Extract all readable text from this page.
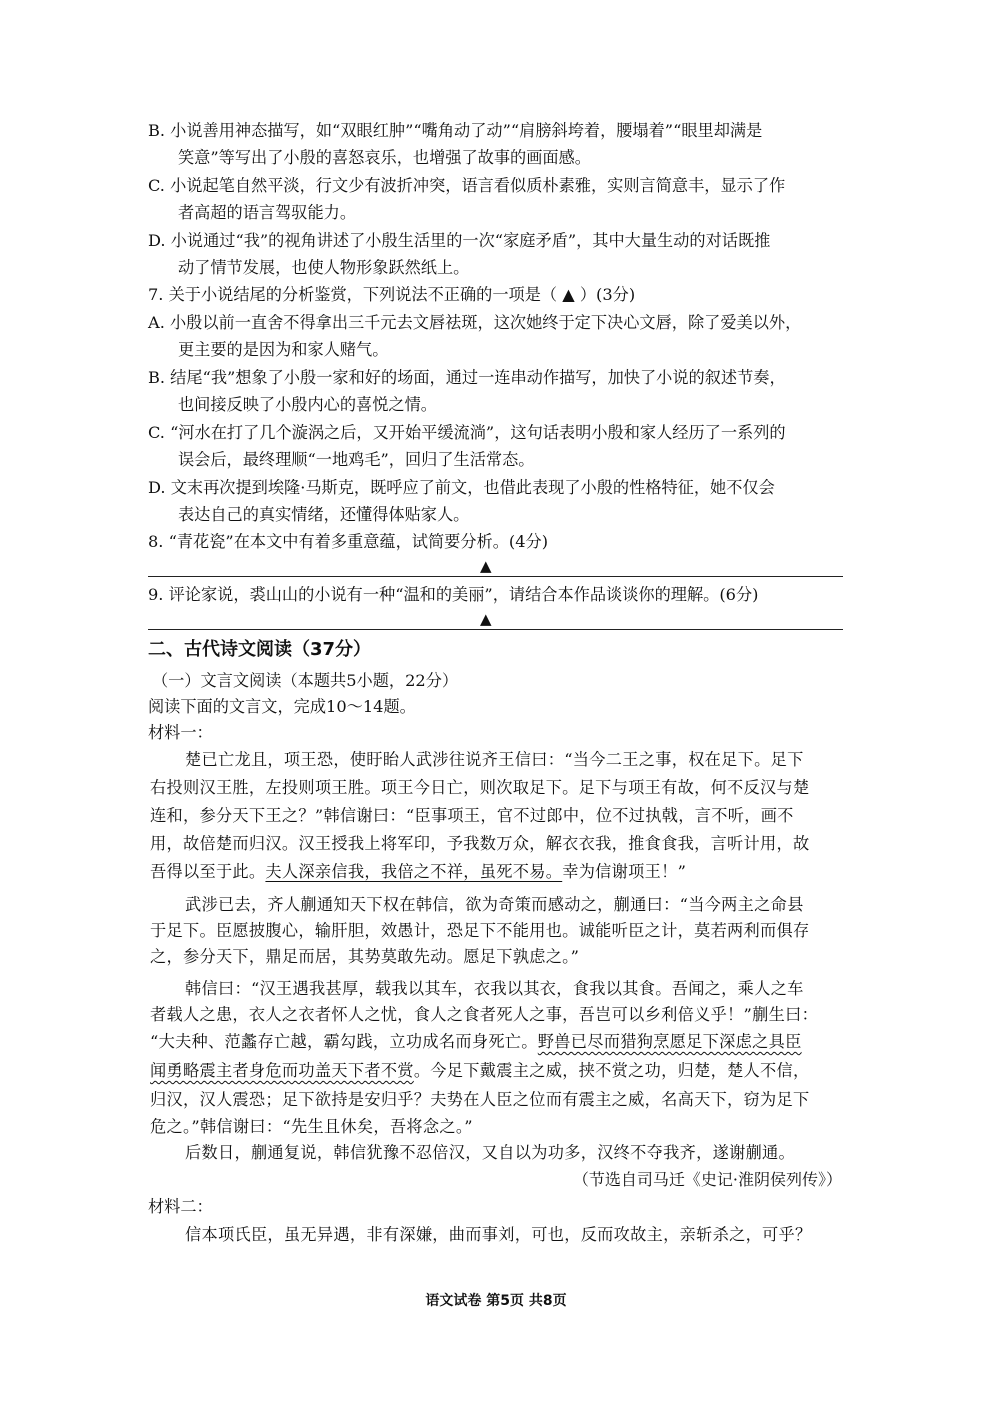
B. 小说善用神态描写，如“双眼红肿”“嘴角动了动”“肩膀斜垮着，腰塌着”“眼里却满是
笑意”等写出了小殷的喜怒哀乐，也增强了故事的画面感。
C. 小说起笔自然平淡，行文少有波折冲突，语言看似质朴素雅，实则言简意丰，显示了作
者高超的语言驾驭能力。
D. 小说通过“我”的视角讲述了小殷生活里的一次“家庭矛盾”，其中大量生动的对话既推
动了情节发展，也使人物形象跃然纸上。
7. 关于小说结尾的分析鉴赏，下列说法不正确的一项是（ ▲ ）(3分)
A. 小殷以前一直舍不得拿出三千元去文唇祛斑，这次她终于定下决心文唇，除了爱美以外，
更主要的是因为和家人赌气。
B. 结尾“我”想象了小殷一家和好的场面，通过一连串动作描写，加快了小说的叙述节奏，
也间接反映了小殷内心的喜悦之情。
C. “河水在打了几个漩涡之后，又开始平缓流淌”，这句话表明小殷和家人经历了一系列的
误会后，最终理顺“一地鸡毛”，回归了生活常态。
D. 文末再次提到埃隆·马斯克，既呼应了前文，也借此表现了小殷的性格特征，她不仅会
表达自己的真实情绪，还懂得体贴家人。
8. “青花瓷”在本文中有着多重意蕴，试简要分析。(4分)
▲
9. 评论家说，裘山山的小说有一种“温和的美丽”，请结合本作品谈谈你的理解。(6分)
▲
二、古代诗文阅读（37分）
（一）文言文阅读（本题共5小题，22分）
阅读下面的文言文，完成10～14题。
材料一：
楚已亡龙且，项王恐，使盱眙人武涉往说齐王信曰：“当今二王之事，权在足下。足下
右投则汉王胜，左投则项王胜。项王今日亡，则次取足下。足下与项王有故，何不反汉与楚
连和，参分天下王之？”韩信谢曰：“臣事项王，官不过郎中，位不过执戟，言不听，画不
用，故倍楚而归汉。汉王授我上将军印，予我数万众，解衣衣我，推食食我，言听计用，故
吾得以至于此。夫人深亲信我，我倍之不祥，虽死不易。幸为信谢项王！”
武涉已去，齐人蒯通知天下权在韩信，欲为奇策而感动之，蒯通曰：“当今两主之命县
于足下。臣愿披腹心，输肝胆，效愚计，恐足下不能用也。诚能听臣之计，莫若两利而俱存
之，参分天下，鼎足而居，其势莫敢先动。愿足下孰虑之。”
韩信曰：“汉王遇我甚厚，载我以其车，衣我以其衣，食我以其食。吾闻之，乘人之车
者载人之患，衣人之衣者怀人之忧，食人之食者死人之事，吾岂可以乡利倍义乎！”蒯生曰：
“大夫种、范蠡存亡越，霸勾践，立功成名而身死亡。野兽已尽而猎狗烹愿足下深虑之具臣
闻勇略震主者身危而功盖天下者不赏。今足下戴震主之威，挟不赏之功，归楚，楚人不信，
归汉，汉人震恐；足下欲持是安归乎？夫势在人臣之位而有震主之威，名高天下，窃为足下
危之。”韩信谢曰：“先生且休矣，吾将念之。”
后数日，蒯通复说，韩信犹豫不忍倍汉，又自以为功多，汉终不夺我齐，遂谢蒯通。
（节选自司马迁《史记·淮阴侯列传》）
材料二：
信本项氏臣，虽无异遇，非有深嫌，曲而事刘，可也，反而攻故主，亲斩杀之，可乎？
语文试卷 第5页 共8页
